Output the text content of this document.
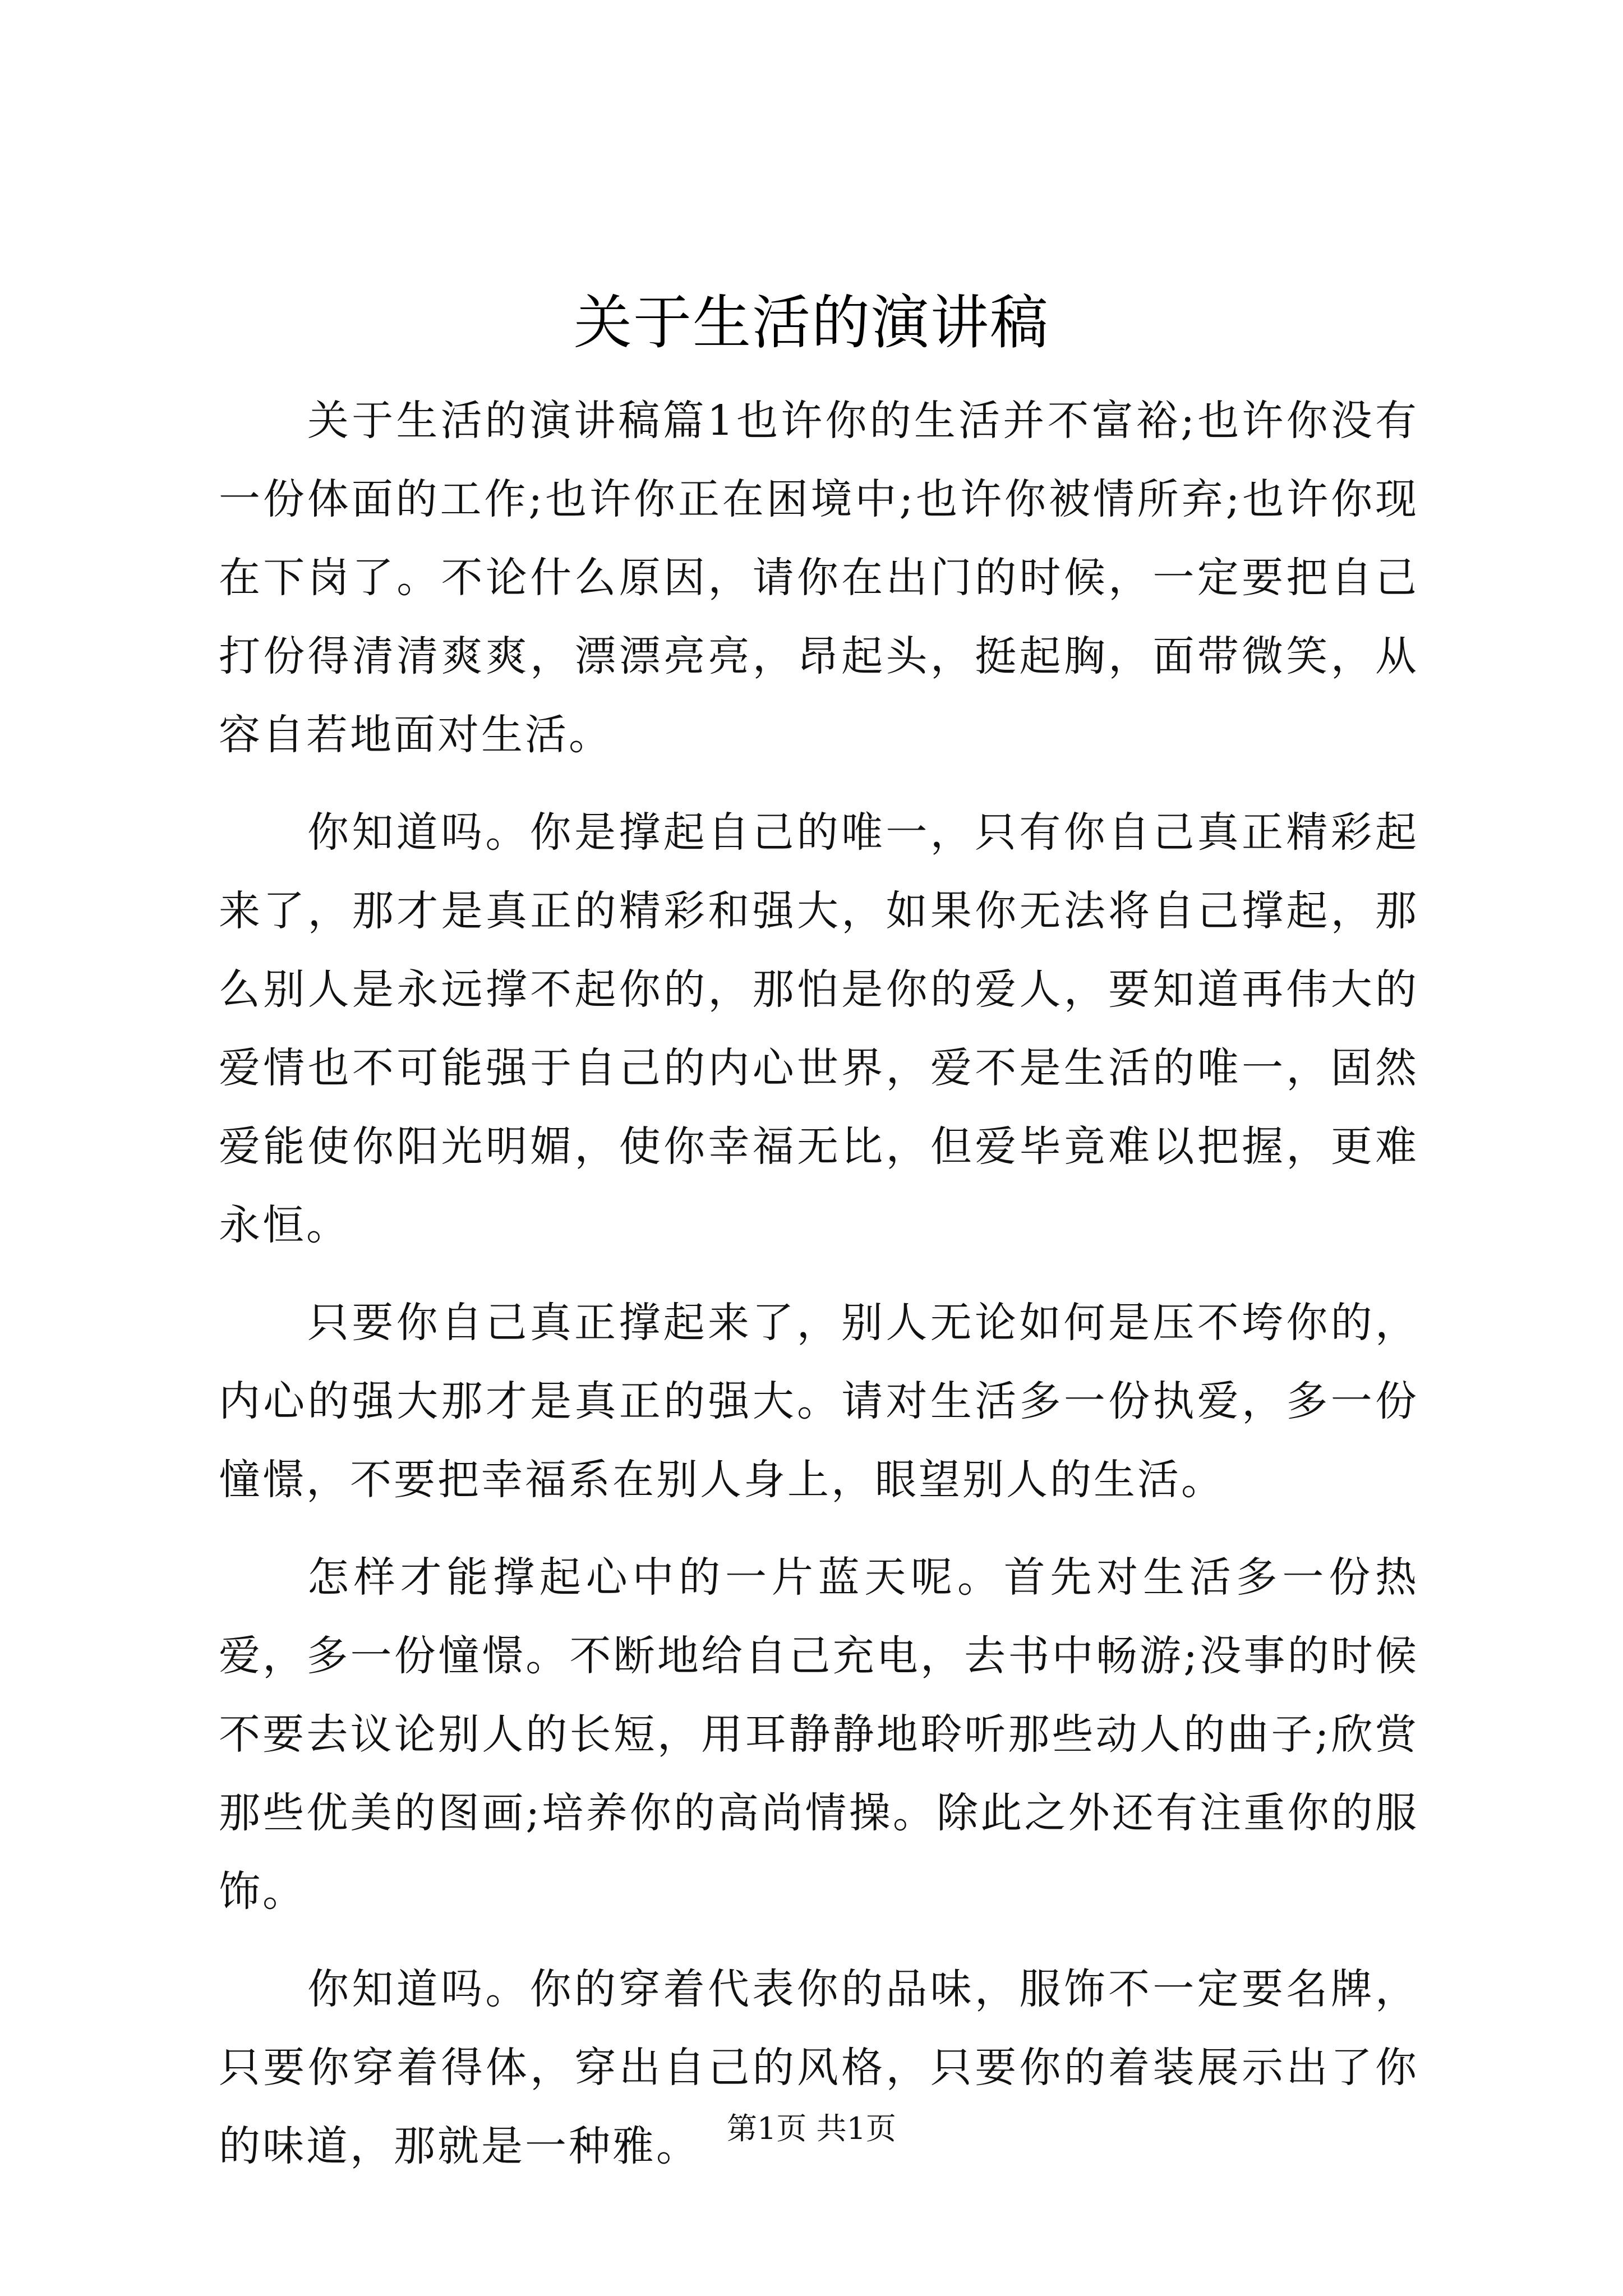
关于生活的演讲稿

关于生活的演讲稿篇1也许你的生活并不富裕;也许你没有一份体面的工作;也许你正在困境中;也许你被情所弃;也许你现在下岗了。不论什么原因，请你在出门的时候，一定要把自己打份得清清爽爽，漂漂亮亮，昂起头，挺起胸，面带微笑，从容自若地面对生活。

你知道吗。你是撑起自己的唯一，只有你自己真正精彩起来了，那才是真正的精彩和强大，如果你无法将自己撑起，那么别人是永远撑不起你的，那怕是你的爱人，要知道再伟大的爱情也不可能强于自己的内心世界，爱不是生活的唯一，固然爱能使你阳光明媚，使你幸福无比，但爱毕竟难以把握，更难永恒。

只要你自己真正撑起来了，别人无论如何是压不垮你的，内心的强大那才是真正的强大。请对生活多一份执爱，多一份憧憬，不要把幸福系在别人身上，眼望别人的生活。

怎样才能撑起心中的一片蓝天呢。首先对生活多一份热爱，多一份憧憬。不断地给自己充电，去书中畅游;没事的时候不要去议论别人的长短，用耳静静地聆听那些动人的曲子;欣赏那些优美的图画;培养你的高尚情操。除此之外还有注重你的服饰。

你知道吗。你的穿着代表你的品味，服饰不一定要名牌，只要你穿着得体，穿出自己的风格，只要你的着装展示出了你的味道，那就是一种雅。 第1页 共1页
